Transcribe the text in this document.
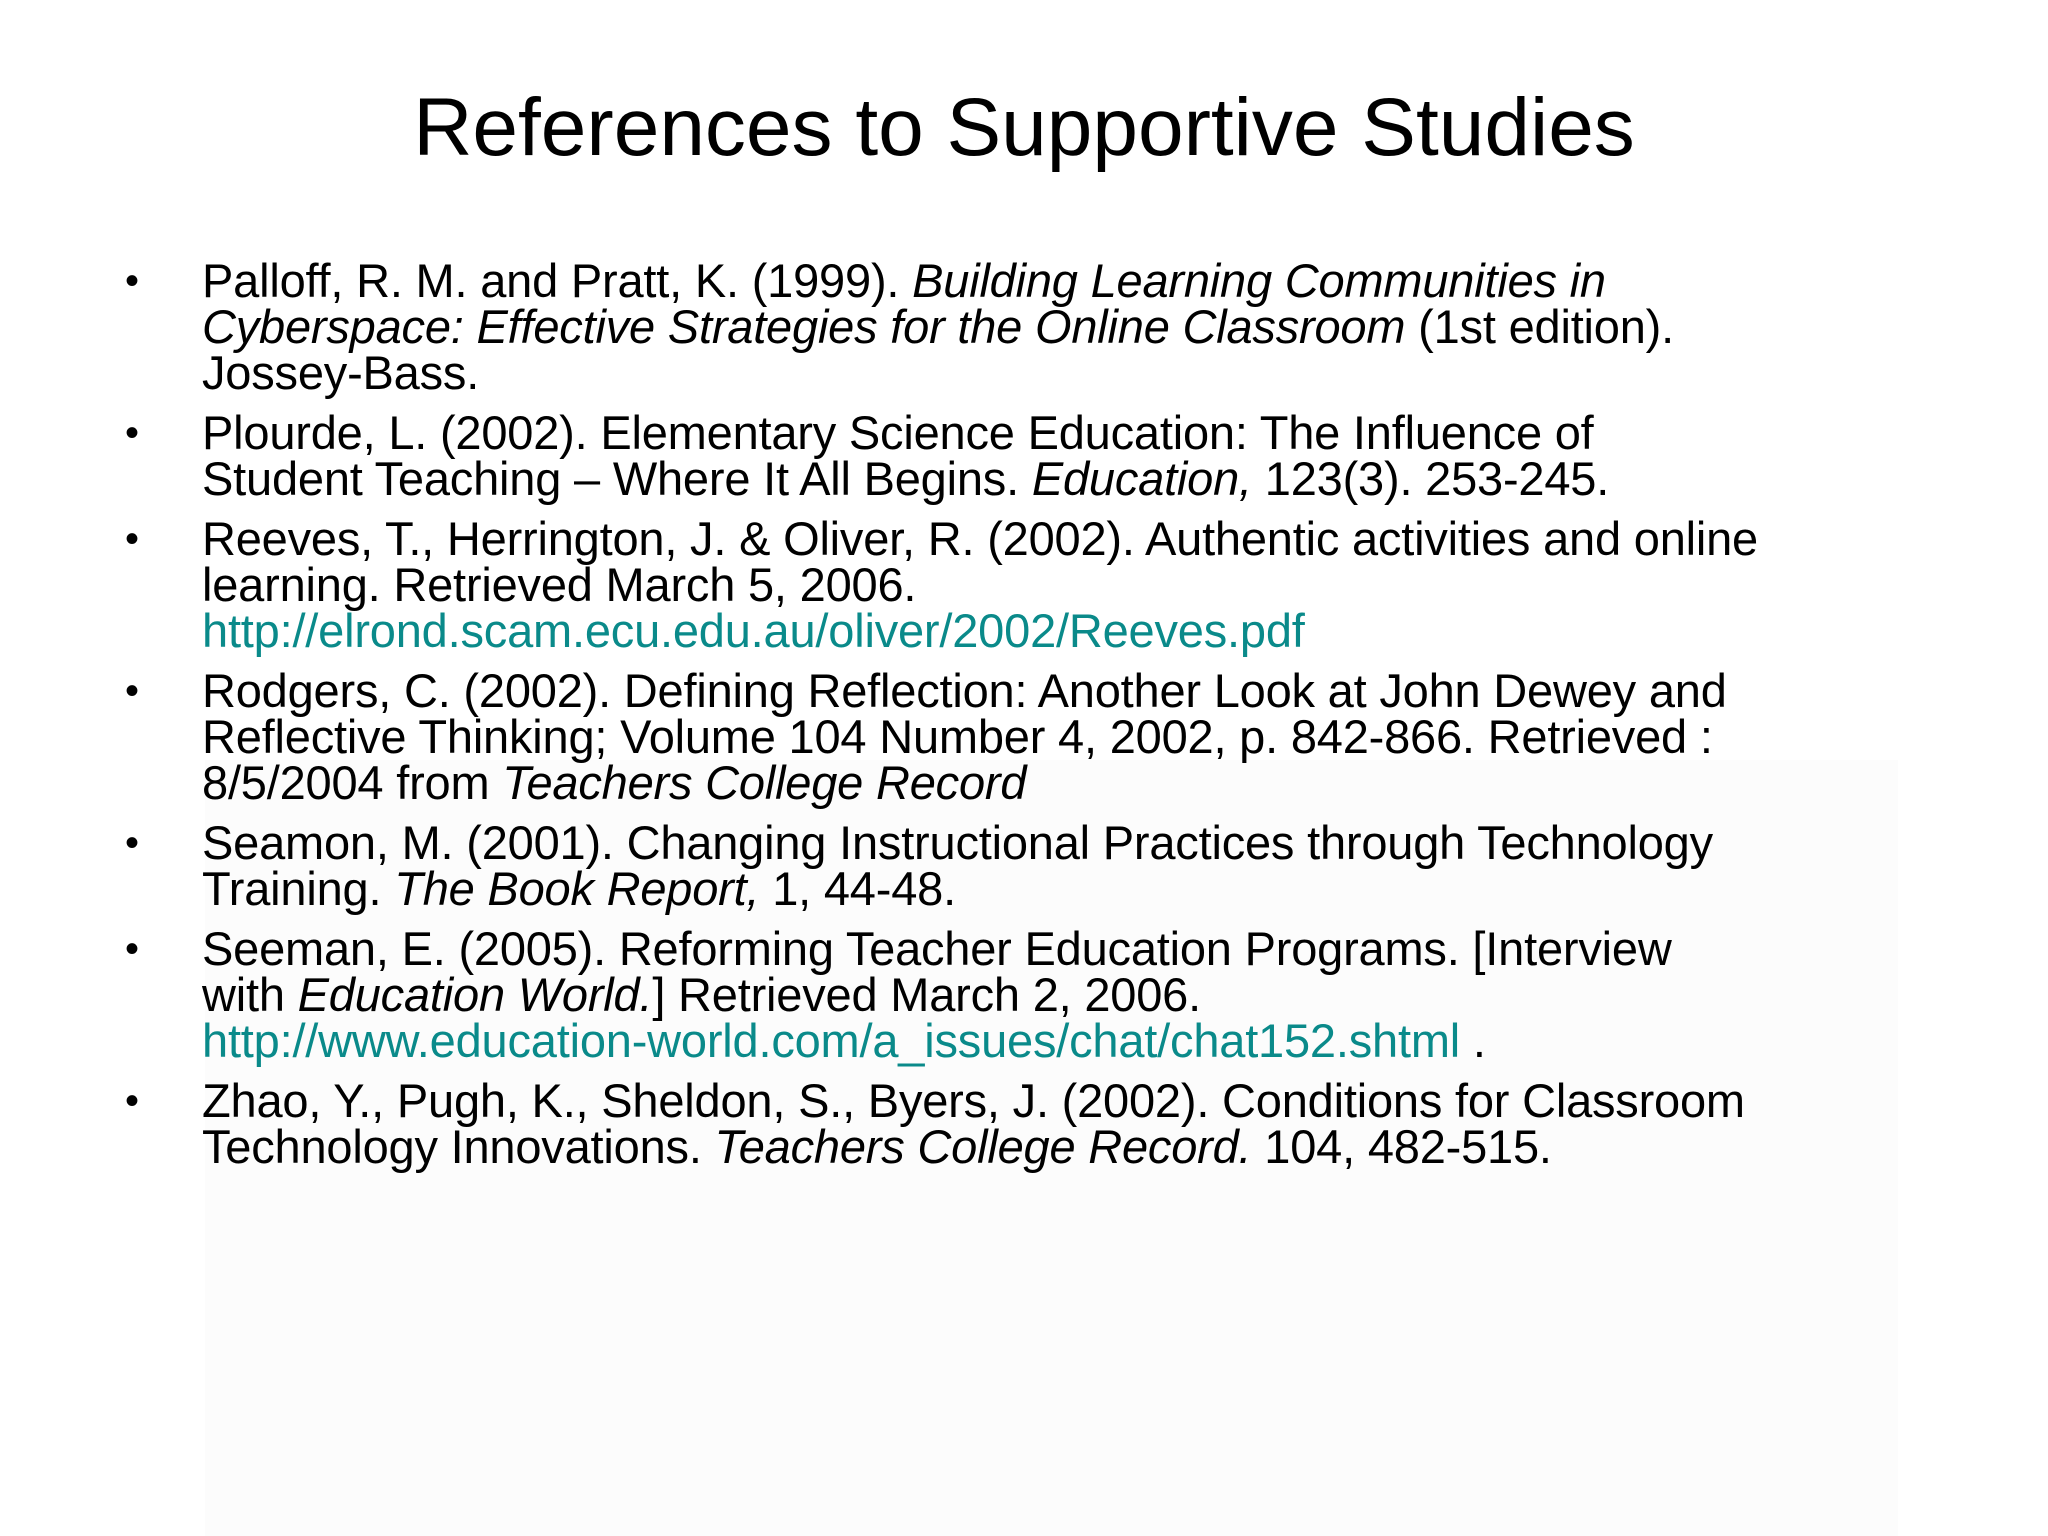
References to Supportive Studies
• Palloff, R. M. and Pratt, K. (1999). Building Learning Communities in
Cyberspace: Effective Strategies for the Online Classroom (1st edition).
Jossey-Bass.
• Plourde, L. (2002). Elementary Science Education: The Influence of
Student Teaching – Where It All Begins. Education, 123(3). 253-245.
• Reeves, T., Herrington, J. & Oliver, R. (2002). Authentic activities and online
learning. Retrieved March 5, 2006.
http://elrond.scam.ecu.edu.au/oliver/2002/Reeves.pdf
• Rodgers, C. (2002). Defining Reflection: Another Look at John Dewey and
Reflective Thinking; Volume 104 Number 4, 2002, p. 842-866. Retrieved :
8/5/2004 from Teachers College Record
• Seamon, M. (2001). Changing Instructional Practices through Technology
Training. The Book Report, 1, 44-48.
• Seeman, E. (2005). Reforming Teacher Education Programs. [Interview
with Education World.] Retrieved March 2, 2006.
http://www.education-world.com/a_issues/chat/chat152.shtml .
• Zhao, Y., Pugh, K., Sheldon, S., Byers, J. (2002). Conditions for Classroom
Technology Innovations. Teachers College Record. 104, 482-515.
